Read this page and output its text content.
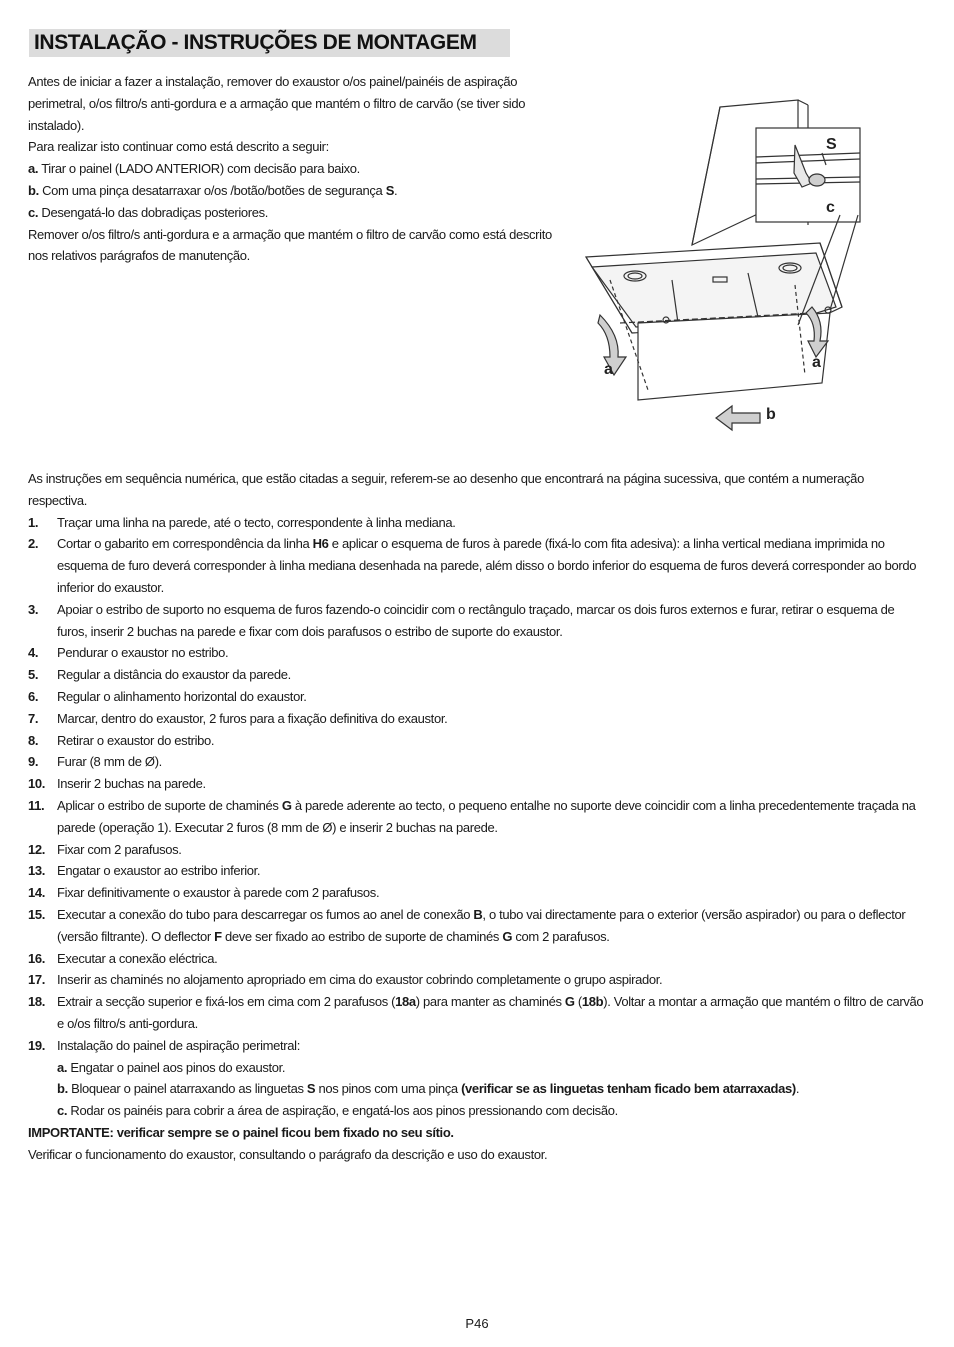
INSTALAÇÃO - INSTRUÇÕES DE MONTAGEM

Antes de iniciar a fazer a instalação, remover do exaustor o/os painel/painéis de aspiração perimetral, o/os filtro/s anti-gordura e a armação que mantém o filtro de carvão (se tiver sido instalado).

Para realizar isto continuar como está descrito a seguir:

a. Tirar o painel (LADO ANTERIOR) com decisão para baixo.

b. Com uma pinça desatarraxar o/os /botão/botões de segurança S.

c. Desengatá-lo das dobradiças posteriores.

Remover o/os filtro/s anti-gordura e a armação que mantém o filtro de carvão como está descrito nos relativos parágrafos de manutenção.

S
c
a	a
b

As instruções em sequência numérica, que estão citadas a seguir, referem-se ao desenho que encontrará na página sucessiva, que contém a numeração respectiva.

1. Traçar uma linha na parede, até o tecto, correspondente à linha mediana.
2. Cortar o gabarito em correspondência da linha H6 e aplicar o esquema de furos à parede (fixá-lo com fita adesiva): a linha vertical mediana imprimida no esquema de furo deverá corresponder à linha mediana desenhada na parede, além disso o bordo inferior do esquema de furos deverá corresponder ao bordo inferior do exaustor.
3. Apoiar o estribo de suporto no esquema de furos fazendo-o coincidir com o rectângulo traçado, marcar os dois furos externos e furar, retirar o esquema de furos, inserir 2 buchas na parede e fixar com dois parafusos o estribo de suporte do exaustor.
4. Pendurar o exaustor no estribo.
5. Regular a distância do exaustor da parede.
6. Regular o alinhamento horizontal do exaustor.
7. Marcar, dentro do exaustor, 2 furos para a fixação definitiva do exaustor.
8. Retirar o exaustor do estribo.
9. Furar (8 mm de Ø).
10. Inserir 2 buchas na parede.
11. Aplicar o estribo de suporte de chaminés G à parede aderente ao tecto, o pequeno entalhe no suporte deve coincidir com a linha precedentemente traçada na parede (operação 1). Executar 2 furos (8 mm de Ø) e inserir 2 buchas na parede.
12. Fixar com 2 parafusos.
13. Engatar o exaustor ao estribo inferior.
14. Fixar definitivamente o exaustor à parede com 2 parafusos.
15. Executar a conexão do tubo para descarregar os fumos ao anel de conexão B, o tubo vai directamente para o exterior (versão aspirador) ou para o deflector (versão filtrante). O deflector F deve ser fixado ao estribo de suporte de chaminés G com 2 parafusos.
16. Executar a conexão eléctrica.
17. Inserir as chaminés no alojamento apropriado em cima do exaustor cobrindo completamente o grupo aspirador.
18. Extrair a secção superior e fixá-los em cima com 2 parafusos (18a) para manter as chaminés G (18b). Voltar a montar a armação que mantém o filtro de carvão e o/os filtro/s anti-gordura.
19. Instalação do painel de aspiração perimetral:
a. Engatar o painel aos pinos do exaustor.
b. Bloquear o painel atarraxando as linguetas S nos pinos com uma pinça (verificar se as linguetas tenham ficado bem atarraxadas).
c. Rodar os painéis para cobrir a área de aspiração, e engatá-los aos pinos pressionando com decisão.

IMPORTANTE: verificar sempre se o painel ficou bem fixado no seu sítio.

Verificar o funcionamento do exaustor, consultando o parágrafo da descrição e uso do exaustor.

P46
